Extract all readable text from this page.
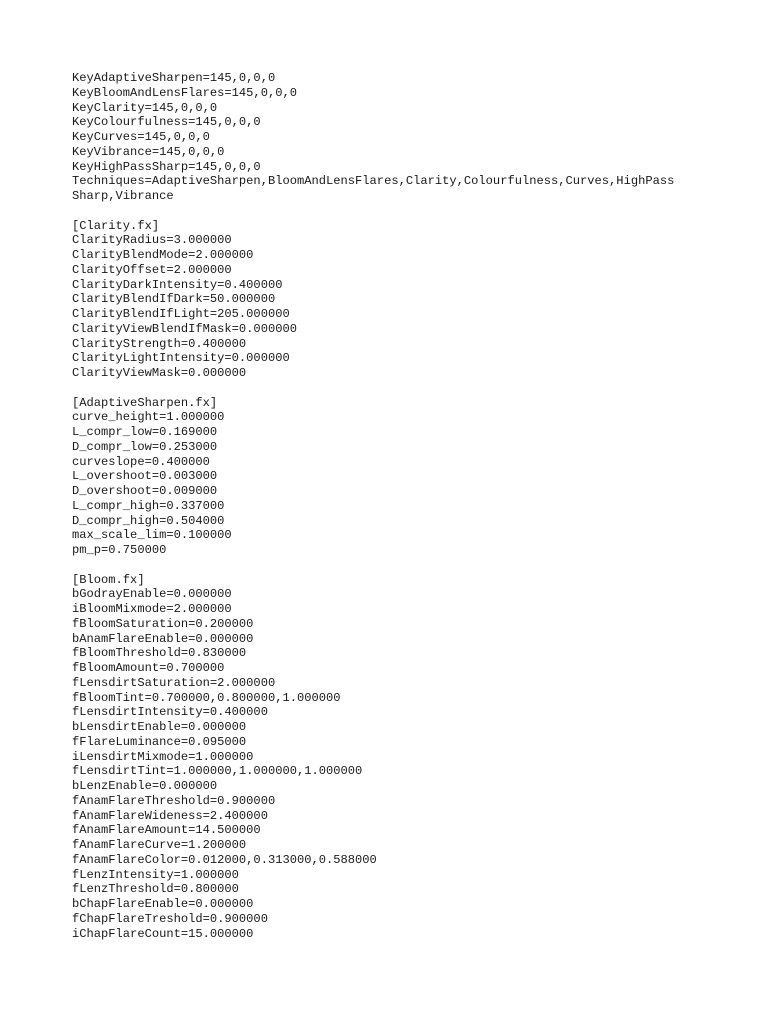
KeyAdaptiveSharpen=145,0,0,0
KeyBloomAndLensFlares=145,0,0,0
KeyClarity=145,0,0,0
KeyColourfulness=145,0,0,0
KeyCurves=145,0,0,0
KeyVibrance=145,0,0,0
KeyHighPassSharp=145,0,0,0
Techniques=AdaptiveSharpen,BloomAndLensFlares,Clarity,Colourfulness,Curves,HighPass
Sharp,Vibrance
[Clarity.fx]
ClarityRadius=3.000000
ClarityBlendMode=2.000000
ClarityOffset=2.000000
ClarityDarkIntensity=0.400000
ClarityBlendIfDark=50.000000
ClarityBlendIfLight=205.000000
ClarityViewBlendIfMask=0.000000
ClarityStrength=0.400000
ClarityLightIntensity=0.000000
ClarityViewMask=0.000000
[AdaptiveSharpen.fx]
curve_height=1.000000
L_compr_low=0.169000
D_compr_low=0.253000
curveslope=0.400000
L_overshoot=0.003000
D_overshoot=0.009000
L_compr_high=0.337000
D_compr_high=0.504000
max_scale_lim=0.100000
pm_p=0.750000
[Bloom.fx]
bGodrayEnable=0.000000
iBloomMixmode=2.000000
fBloomSaturation=0.200000
bAnamFlareEnable=0.000000
fBloomThreshold=0.830000
fBloomAmount=0.700000
fLensdirtSaturation=2.000000
fBloomTint=0.700000,0.800000,1.000000
fLensdirtIntensity=0.400000
bLensdirtEnable=0.000000
fFlareLuminance=0.095000
iLensdirtMixmode=1.000000
fLensdirtTint=1.000000,1.000000,1.000000
bLenzEnable=0.000000
fAnamFlareThreshold=0.900000
fAnamFlareWideness=2.400000
fAnamFlareAmount=14.500000
fAnamFlareCurve=1.200000
fAnamFlareColor=0.012000,0.313000,0.588000
fLenzIntensity=1.000000
fLenzThreshold=0.800000
bChapFlareEnable=0.000000
fChapFlareTreshold=0.900000
iChapFlareCount=15.000000
